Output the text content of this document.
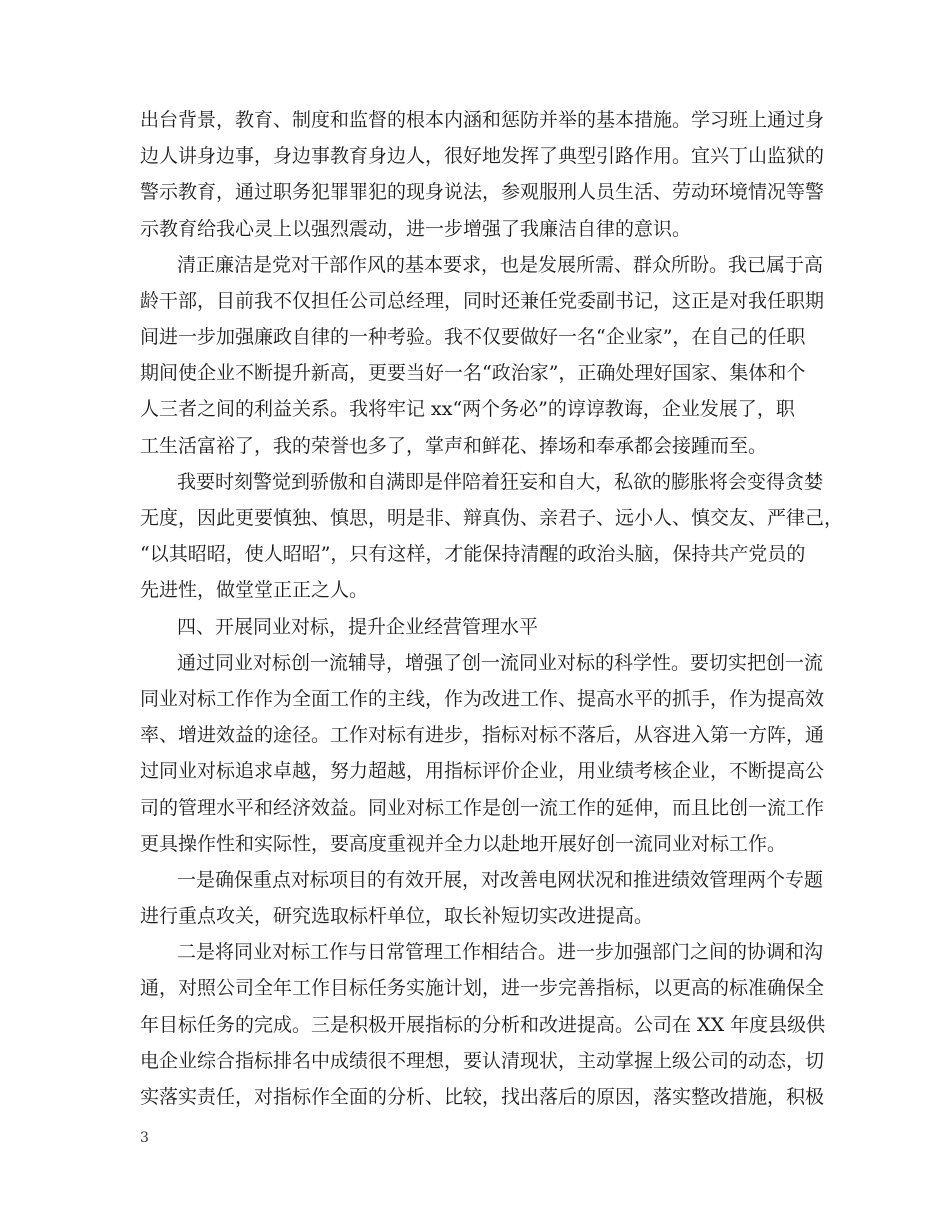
出台背景，教育、制度和监督的根本内涵和惩防并举的基本措施。学习班上通过身
边人讲身边事，身边事教育身边人，很好地发挥了典型引路作用。宜兴丁山监狱的
警示教育，通过职务犯罪罪犯的现身说法，参观服刑人员生活、劳动环境情况等警
示教育给我心灵上以强烈震动，进一步增强了我廉洁自律的意识。
清正廉洁是党对干部作风的基本要求，也是发展所需、群众所盼。我已属于高
龄干部，目前我不仅担任公司总经理，同时还兼任党委副书记，这正是对我任职期
间进一步加强廉政自律的一种考验。我不仅要做好一名“企业家”，在自己的任职
期间使企业不断提升新高，更要当好一名“政治家”，正确处理好国家、集体和个
人三者之间的利益关系。我将牢记 xx“两个务必”的谆谆教诲，企业发展了，职
工生活富裕了，我的荣誉也多了，掌声和鲜花、捧场和奉承都会接踵而至。
我要时刻警觉到骄傲和自满即是伴陪着狂妄和自大，私欲的膨胀将会变得贪婪
无度，因此更要慎独、慎思，明是非、辩真伪、亲君子、远小人、慎交友、严律己，
“以其昭昭，使人昭昭”，只有这样，才能保持清醒的政治头脑，保持共产党员的
先进性，做堂堂正正之人。
四、开展同业对标，提升企业经营管理水平
通过同业对标创一流辅导，增强了创一流同业对标的科学性。要切实把创一流
同业对标工作作为全面工作的主线，作为改进工作、提高水平的抓手，作为提高效
率、增进效益的途径。工作对标有进步，指标对标不落后，从容进入第一方阵，通
过同业对标追求卓越，努力超越，用指标评价企业，用业绩考核企业，不断提高公
司的管理水平和经济效益。同业对标工作是创一流工作的延伸，而且比创一流工作
更具操作性和实际性，要高度重视并全力以赴地开展好创一流同业对标工作。
一是确保重点对标项目的有效开展，对改善电网状况和推进绩效管理两个专题
进行重点攻关，研究选取标杆单位，取长补短切实改进提高。
二是将同业对标工作与日常管理工作相结合。进一步加强部门之间的协调和沟
通，对照公司全年工作目标任务实施计划，进一步完善指标，以更高的标准确保全
年目标任务的完成。三是积极开展指标的分析和改进提高。公司在 XX 年度县级供
电企业综合指标排名中成绩很不理想，要认清现状，主动掌握上级公司的动态，切
实落实责任，对指标作全面的分析、比较，找出落后的原因，落实整改措施，积极
3
